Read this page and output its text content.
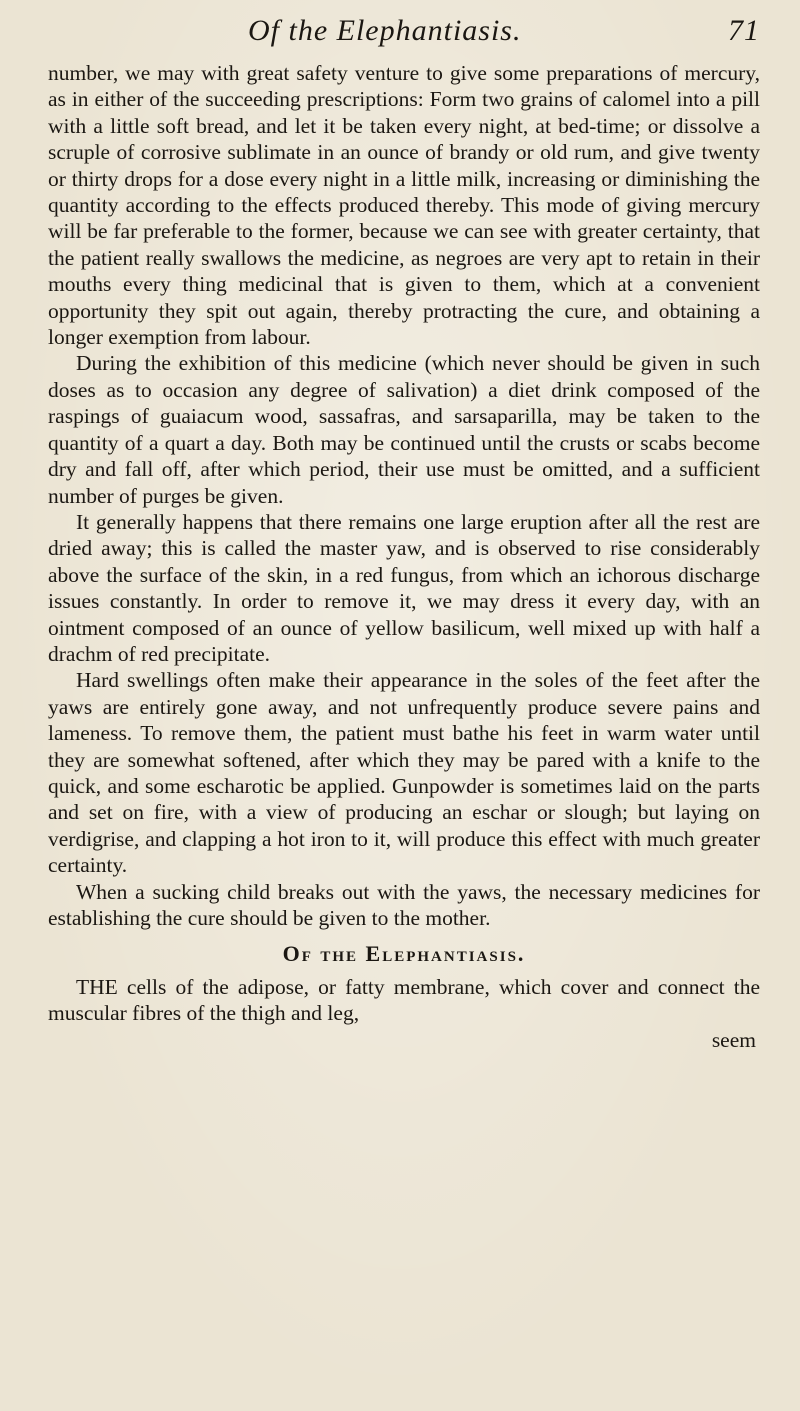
Of the Elephantiasis.	71

number, we may with great safety venture to give some preparations of mercury, as in either of the succeeding prescriptions: Form two grains of calomel into a pill with a little soft bread, and let it be taken every night, at bed-time; or dissolve a scruple of corrosive sublimate in an ounce of brandy or old rum, and give twenty or thirty drops for a dose every night in a little milk, increasing or diminishing the quantity according to the effects produced thereby. This mode of giving mercury will be far preferable to the former, because we can see with greater certainty, that the patient really swallows the medicine, as negroes are very apt to retain in their mouths every thing medicinal that is given to them, which at a convenient opportunity they spit out again, thereby protracting the cure, and obtaining a longer exemption from labour.

During the exhibition of this medicine (which never should be given in such doses as to occasion any degree of salivation) a diet drink composed of the raspings of guaiacum wood, sassafras, and sarsaparilla, may be taken to the quantity of a quart a day. Both may be continued until the crusts or scabs become dry and fall off, after which period, their use must be omitted, and a sufficient number of purges be given.

It generally happens that there remains one large eruption after all the rest are dried away; this is called the master yaw, and is observed to rise considerably above the surface of the skin, in a red fungus, from which an ichorous discharge issues constantly. In order to remove it, we may dress it every day, with an ointment composed of an ounce of yellow basilicum, well mixed up with half a drachm of red precipitate.

Hard swellings often make their appearance in the soles of the feet after the yaws are entirely gone away, and not unfrequently produce severe pains and lameness. To remove them, the patient must bathe his feet in warm water until they are somewhat softened, after which they may be pared with a knife to the quick, and some escharotic be applied. Gunpowder is sometimes laid on the parts and set on fire, with a view of producing an eschar or slough; but laying on verdigrise, and clapping a hot iron to it, will produce this effect with much greater certainty.

When a sucking child breaks out with the yaws, the necessary medicines for establishing the cure should be given to the mother.

Of the Elephantiasis.

THE cells of the adipose, or fatty membrane, which cover and connect the muscular fibres of the thigh and leg,

seem
